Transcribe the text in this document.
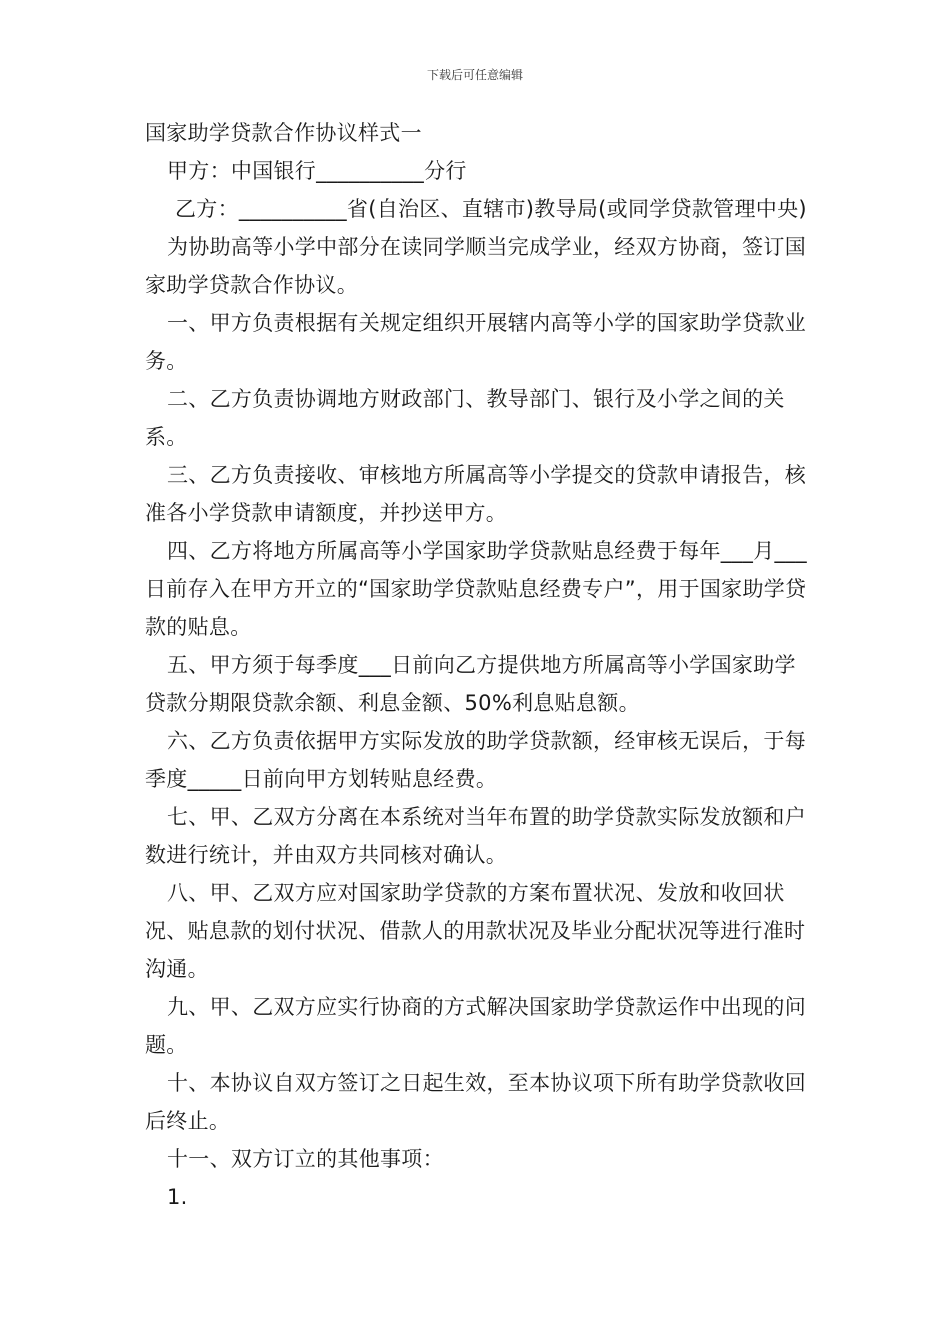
下载后可任意编辑
国家助学贷款合作协议样式一

甲方：中国银行__________分行

乙方：__________省(自治区、直辖市)教导局(或同学贷款管理中央)

为协助高等小学中部分在读同学顺当完成学业，经双方协商，签订国家助学贷款合作协议。

一、甲方负责根据有关规定组织开展辖内高等小学的国家助学贷款业务。

二、乙方负责协调地方财政部门、教导部门、银行及小学之间的关系。

三、乙方负责接收、审核地方所属高等小学提交的贷款申请报告，核准各小学贷款申请额度，并抄送甲方。

四、乙方将地方所属高等小学国家助学贷款贴息经费于每年___月___日前存入在甲方开立的“国家助学贷款贴息经费专户”，用于国家助学贷款的贴息。

五、甲方须于每季度___日前向乙方提供地方所属高等小学国家助学贷款分期限贷款余额、利息金额、50%利息贴息额。

六、乙方负责依据甲方实际发放的助学贷款额，经审核无误后，于每季度_____日前向甲方划转贴息经费。

七、甲、乙双方分离在本系统对当年布置的助学贷款实际发放额和户数进行统计，并由双方共同核对确认。

八、甲、乙双方应对国家助学贷款的方案布置状况、发放和收回状况、贴息款的划付状况、借款人的用款状况及毕业分配状况等进行准时沟通。

九、甲、乙双方应实行协商的方式解决国家助学贷款运作中出现的问题。

十、本协议自双方签订之日起生效，至本协议项下所有助学贷款收回后终止。

十一、双方订立的其他事项：

1.
